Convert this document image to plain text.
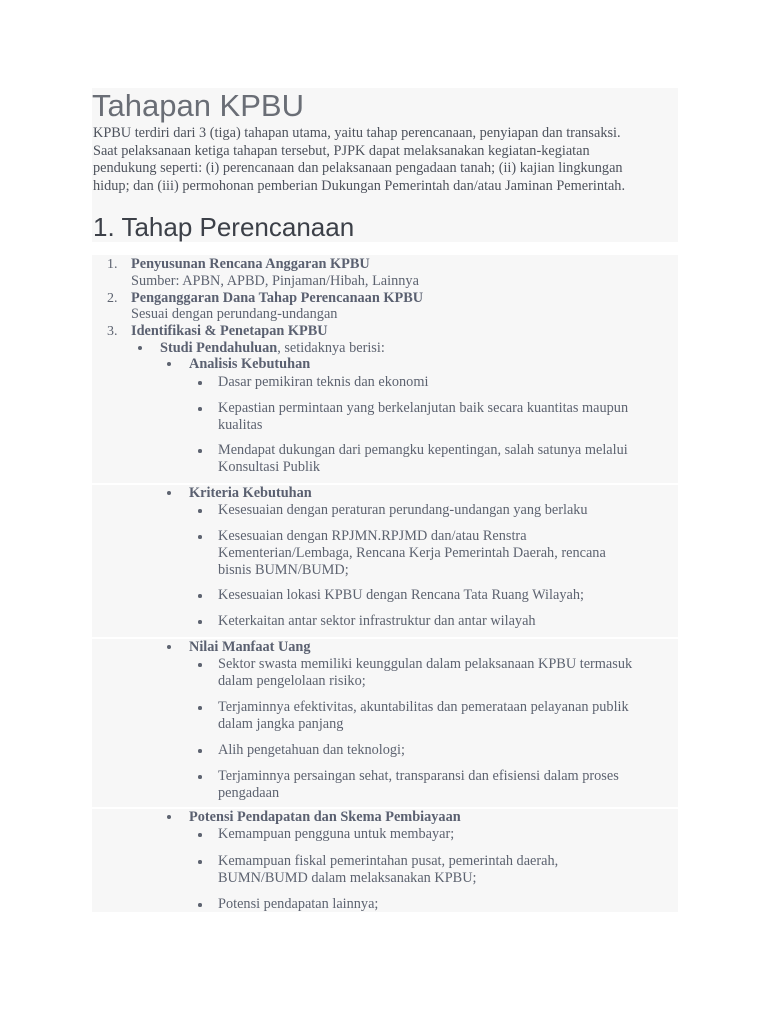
Tahapan KPBU

KPBU terdiri dari 3 (tiga) tahapan utama, yaitu tahap perencanaan, penyiapan dan transaksi.
Saat pelaksanaan ketiga tahapan tersebut, PJPK dapat melaksanakan kegiatan-kegiatan
pendukung seperti: (i) perencanaan dan pelaksanaan pengadaan tanah; (ii) kajian lingkungan
hidup; dan (iii) permohonan pemberian Dukungan Pemerintah dan/atau Jaminan Pemerintah.

1. Tahap Perencanaan
1. Penyusunan Rencana Anggaran KPBU
Sumber: APBN, APBD, Pinjaman/Hibah, Lainnya
2. Penganggaran Dana Tahap Perencanaan KPBU
Sesuai dengan perundang-undangan
3. Identifikasi & Penetapan KPBU
Studi Pendahuluan, setidaknya berisi:
Analisis Kebutuhan
Kriteria Kebutuhan
Nilai Manfaat Uang
Potensi Pendapatan dan Skema Pembiayaan
Dasar pemikiran teknis dan ekonomi
Kepastian permintaan yang berkelanjutan baik secara kuantitas maupun
kualitas
Mendapat dukungan dari pemangku kepentingan, salah satunya melalui
Konsultasi Publik
Kesesuaian dengan peraturan perundang-undangan yang berlaku
Kesesuaian dengan RPJMN.RPJMD dan/atau Renstra
Kementerian/Lembaga, Rencana Kerja Pemerintah Daerah, rencana
bisnis BUMN/BUMD;
Kesesuaian lokasi KPBU dengan Rencana Tata Ruang Wilayah;
Keterkaitan antar sektor infrastruktur dan antar wilayah
Sektor swasta memiliki keunggulan dalam pelaksanaan KPBU termasuk
dalam pengelolaan risiko;
Terjaminnya efektivitas, akuntabilitas dan pemerataan pelayanan publik
dalam jangka panjang
Alih pengetahuan dan teknologi;
Terjaminnya persaingan sehat, transparansi dan efisiensi dalam proses
pengadaan
Kemampuan pengguna untuk membayar;
Kemampuan fiskal pemerintahan pusat, pemerintah daerah,
BUMN/BUMD dalam melaksanakan KPBU;
Potensi pendapatan lainnya;
